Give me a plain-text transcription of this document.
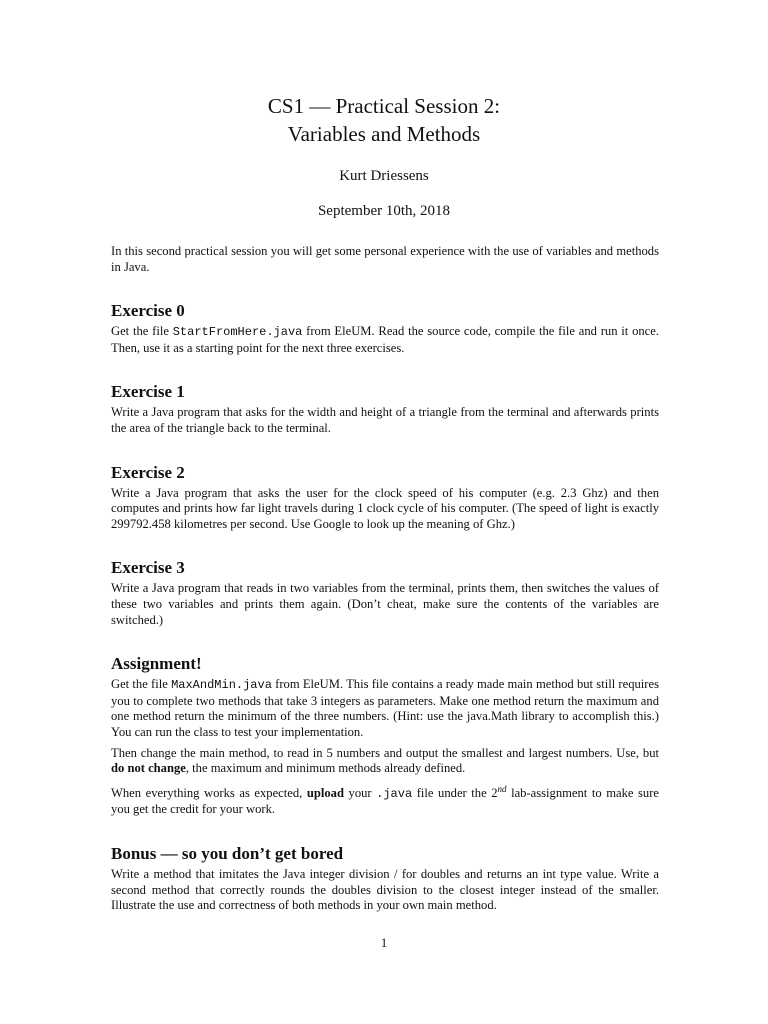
CS1 — Practical Session 2:
Variables and Methods
Kurt Driessens
September 10th, 2018

In this second practical session you will get some personal experience with the use of variables and methods in Java.

Exercise 0

Get the file StartFromHere.java from EleUM. Read the source code, compile the file and run it once. Then, use it as a starting point for the next three exercises.

Exercise 1

Write a Java program that asks for the width and height of a triangle from the terminal and afterwards prints the area of the triangle back to the terminal.

Exercise 2

Write a Java program that asks the user for the clock speed of his computer (e.g. 2.3 Ghz) and then computes and prints how far light travels during 1 clock cycle of his computer. (The speed of light is exactly 299792.458 kilometres per second. Use Google to look up the meaning of Ghz.)

Exercise 3

Write a Java program that reads in two variables from the terminal, prints them, then switches the values of these two variables and prints them again. (Don’t cheat, make sure the contents of the variables are switched.)

Assignment!

Get the file MaxAndMin.java from EleUM. This file contains a ready made main method but still requires you to complete two methods that take 3 integers as parameters. Make one method return the maximum and one method return the minimum of the three numbers. (Hint: use the java.Math library to accomplish this.) You can run the class to test your implementation.

Then change the main method, to read in 5 numbers and output the smallest and largest numbers. Use, but do not change, the maximum and minimum methods already defined.

When everything works as expected, upload your .java file under the 2nd lab-assignment to make sure you get the credit for your work.

Bonus — so you don’t get bored

Write a method that imitates the Java integer division / for doubles and returns an int type value. Write a second method that correctly rounds the doubles division to the closest integer instead of the smaller. Illustrate the use and correctness of both methods in your own main method.

1
